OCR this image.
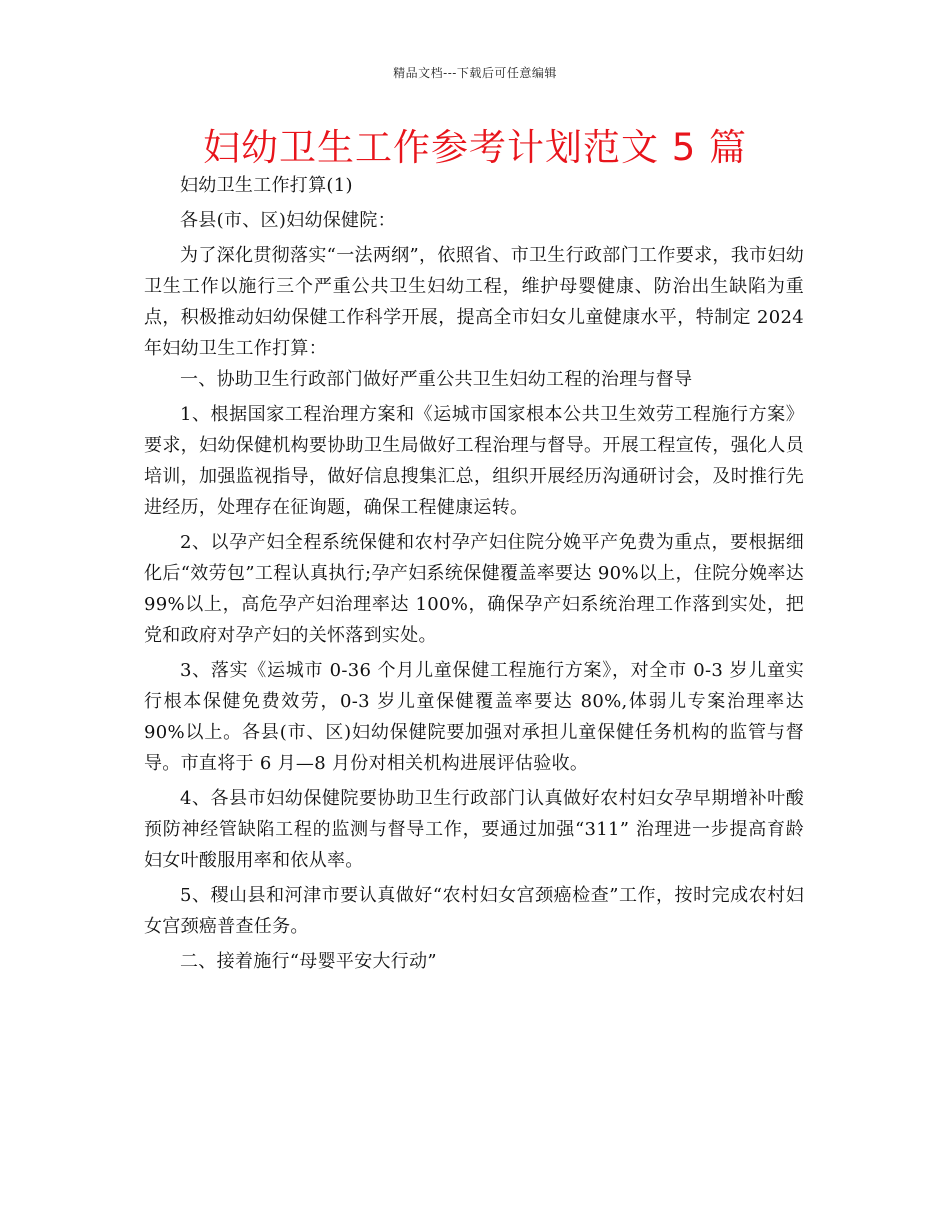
精品文档---下载后可任意编辑
妇幼卫生工作参考计划范文 5 篇

妇幼卫生工作打算(1)

各县(市、区)妇幼保健院：

为了深化贯彻落实“一法两纲”，依照省、市卫生行政部门工作要求，我市妇幼卫生工作以施行三个严重公共卫生妇幼工程，维护母婴健康、防治出生缺陷为重点，积极推动妇幼保健工作科学开展，提高全市妇女儿童健康水平，特制定 2024 年妇幼卫生工作打算：

一、协助卫生行政部门做好严重公共卫生妇幼工程的治理与督导

1、根据国家工程治理方案和《运城市国家根本公共卫生效劳工程施行方案》要求，妇幼保健机构要协助卫生局做好工程治理与督导。开展工程宣传，强化人员培训，加强监视指导，做好信息搜集汇总，组织开展经历沟通研讨会，及时推行先进经历，处理存在征询题，确保工程健康运转。

2、以孕产妇全程系统保健和农村孕产妇住院分娩平产免费为重点，要根据细化后“效劳包”工程认真执行;孕产妇系统保健覆盖率要达 90%以上，住院分娩率达 99%以上，高危孕产妇治理率达 100%，确保孕产妇系统治理工作落到实处，把党和政府对孕产妇的关怀落到实处。

3、落实《运城市 0-36 个月儿童保健工程施行方案》，对全市 0-3 岁儿童实行根本保健免费效劳，0-3 岁儿童保健覆盖率要达 80%,体弱儿专案治理率达 90%以上。各县(市、区)妇幼保健院要加强对承担儿童保健任务机构的监管与督导。市直将于 6 月—8 月份对相关机构进展评估验收。

4、各县市妇幼保健院要协助卫生行政部门认真做好农村妇女孕早期增补叶酸预防神经管缺陷工程的监测与督导工作，要通过加强“311” 治理进一步提高育龄妇女叶酸服用率和依从率。

5、稷山县和河津市要认真做好“农村妇女宫颈癌检查”工作，按时完成农村妇女宫颈癌普查任务。

二、接着施行“母婴平安大行动”
